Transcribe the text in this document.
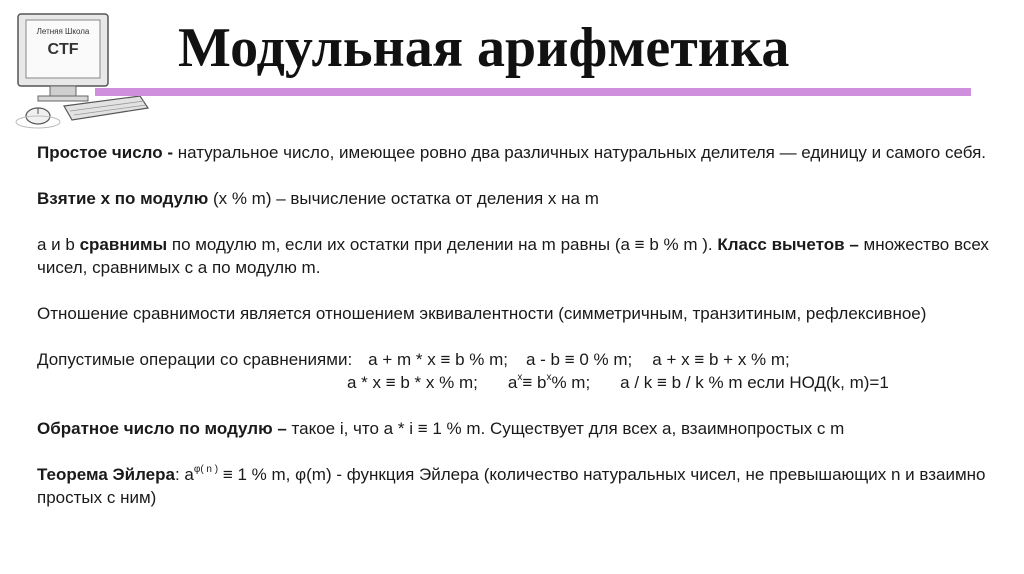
Летняя Школа
CTF Модульная арифметика

Простое число - натуральное число, имеющее ровно два различных натуральных делителя — единицу и самого себя.

Взятие x по модулю (x % m) – вычисление остатка от деления x на m

a и b сравнимы по модулю m, если их остатки при делении на m равны (a ≡ b % m ). Класс вычетов – множество всех чисел, сравнимых с a по модулю m.

Отношение сравнимости является отношением эквивалентности (симметричным, транзитиным, рефлексивное)

Допустимые операции со сравнениями: a + m * x ≡ b % m; a - b ≡ 0 % m; a + x ≡ b + x % m;
a * x ≡ b * x % m; $a^x\equiv b^x\%$ m; a / k ≡ b / k % m если НОД(k, m)=1

Обратное число по модулю – такое i, что a * i ≡ 1 % m. Существует для всех a, взаимнопростых с m

Теорема Эйлера: $a^{\varphi( n )} \equiv 1$ % m, φ(m) - функция Эйлера (количество натуральных чисел, не превышающих n и взаимно простых с ним)
